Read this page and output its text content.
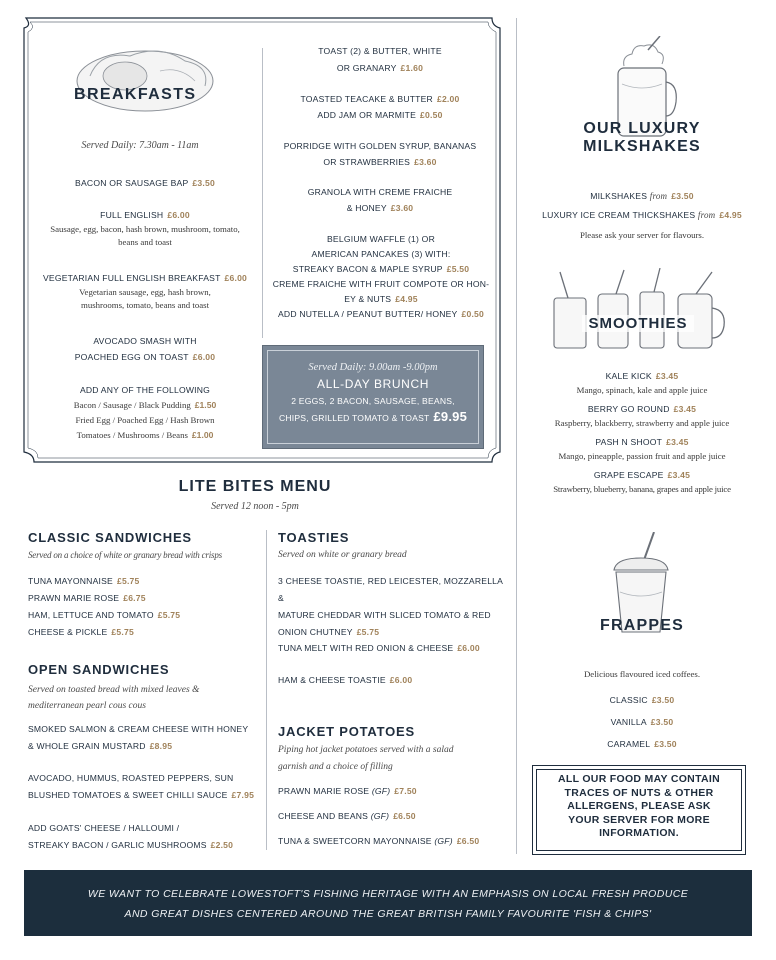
BREAKFASTS
Served Daily: 7.30am - 11am
BACON OR SAUSAGE BAP £3.50
FULL ENGLISH £6.00
Sausage, egg, bacon, hash brown, mushroom, tomato, beans and toast
VEGETARIAN FULL ENGLISH BREAKFAST £6.00
Vegetarian sausage, egg, hash brown, mushrooms, tomato, beans and toast
AVOCADO SMASH WITH
POACHED EGG ON TOAST £6.00
ADD ANY OF THE FOLLOWING
Bacon / Sausage / Black Pudding £1.50
Fried Egg / Poached Egg / Hash Brown
Tomatoes / Mushrooms / Beans £1.00
TOAST (2) & BUTTER, WHITE
OR GRANARY £1.60
TOASTED TEACAKE & BUTTER £2.00
ADD JAM OR MARMITE £0.50
PORRIDGE WITH GOLDEN SYRUP, BANANAS
OR STRAWBERRIES £3.60
GRANOLA WITH CREME FRAICHE
& HONEY £3.60
BELGIUM WAFFLE (1) OR
AMERICAN PANCAKES (3) WITH:
STREAKY BACON & MAPLE SYRUP £5.50
CREME FRAICHE WITH FRUIT COMPOTE OR HON-
EY & NUTS £4.95
ADD NUTELLA / PEANUT BUTTER/ HONEY £0.50
Served Daily: 9.00am -9.00pm
ALL-DAY BRUNCH
2 EGGS, 2 BACON, SAUSAGE, BEANS,
CHIPS, GRILLED TOMATO & TOAST £9.95
LITE BITES MENU
Served 12 noon - 5pm
CLASSIC SANDWICHES
Served on a choice of white or granary bread with crisps
TUNA MAYONNAISE £5.75
PRAWN MARIE ROSE £6.75
HAM, LETTUCE AND TOMATO £5.75
CHEESE & PICKLE £5.75
OPEN SANDWICHES
Served on toasted bread with mixed leaves &
mediterranean pearl cous cous
SMOKED SALMON & CREAM CHEESE WITH HONEY
& WHOLE GRAIN MUSTARD £8.95
AVOCADO, HUMMUS, ROASTED PEPPERS, SUN
BLUSHED TOMATOES & SWEET CHILLI SAUCE £7.95
ADD GOATS' CHEESE / HALLOUMI /
STREAKY BACON / GARLIC MUSHROOMS £2.50
TOASTIES
Served on white or granary bread
3 CHEESE TOASTIE, RED LEICESTER, MOZZARELLA &
MATURE CHEDDAR WITH SLICED TOMATO & RED
ONION CHUTNEY £5.75
TUNA MELT WITH RED ONION & CHEESE £6.00
HAM & CHEESE TOASTIE £6.00
JACKET POTATOES
Piping hot jacket potatoes served with a salad
garnish and a choice of filling
PRAWN MARIE ROSE (GF) £7.50
CHEESE AND BEANS (GF) £6.50
TUNA & SWEETCORN MAYONNAISE (GF) £6.50
OUR LUXURY
MILKSHAKES
MILKSHAKES from £3.50
LUXURY ICE CREAM THICKSHAKES from £4.95
Please ask your server for flavours.
SMOOTHIES
KALE KICK £3.45
Mango, spinach, kale and apple juice
BERRY GO ROUND £3.45
Raspberry, blackberry, strawberry and apple juice
PASH N SHOOT £3.45
Mango, pineapple, passion fruit and apple juice
GRAPE ESCAPE £3.45
Strawberry, blueberry, banana, grapes and apple juice
FRAPPES
Delicious flavoured iced coffees.
CLASSIC £3.50
VANILLA £3.50
CARAMEL £3.50
ALL OUR FOOD MAY CONTAIN
TRACES OF NUTS & OTHER
ALLERGENS, PLEASE ASK
YOUR SERVER FOR MORE
INFORMATION.
WE WANT TO CELEBRATE LOWESTOFT'S FISHING HERITAGE WITH AN EMPHASIS ON LOCAL FRESH PRODUCE
AND GREAT DISHES CENTERED AROUND THE GREAT BRITISH FAMILY FAVOURITE 'FISH & CHIPS'
